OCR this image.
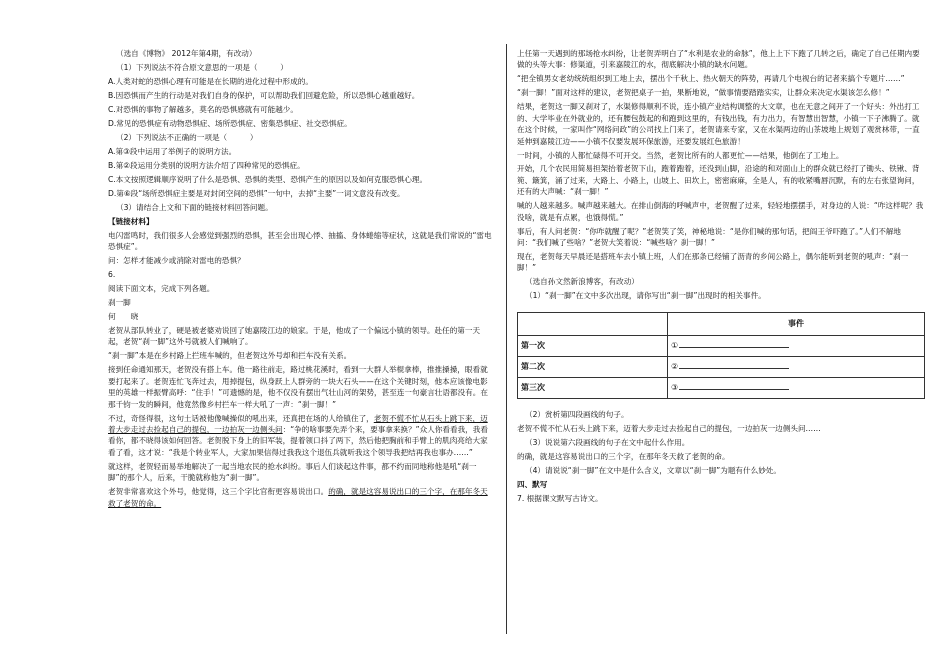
（选自《博物》 2012年第4期，有改动）

（1）下列说法不符合原文意思的一项是（　　　）

A.人类对蛇的恐惧心理有可能是在长期的进化过程中形成的。

B.因恐惧而产生的行动是对我们自身的保护，可以帮助我们回避危险，所以恐惧心越重越好。

C.对恐惧的事物了解越多，莫名的恐惧感就有可能越少。

D.常见的恐惧症有动物恐惧症、场所恐惧症、密集恐惧症、社交恐惧症。

（2）下列说法不正确的一项是（　　　）

A.第③段中运用了举例子的说明方法。

B.第②段运用分类别的说明方法介绍了四种常见的恐惧症。

C.本文按照逻辑顺序说明了什么是恐惧、恐惧的类型、恐惧产生的原因以及如何克服恐惧心理。

D.第⑥段“场所恐惧症主要是对封闭空间的恐惧”一句中，去掉“主要”一词文意没有改变。

（3）请结合上文和下面的链接材料回答问题。

【链接材料】

电闪雷鸣时，我们很多人会感觉到强烈的恐惧，甚至会出现心悸、抽搐、身体蜷缩等症状，这就是我们常说的“雷电恐惧症”。

问：怎样才能减少或消除对雷电的恐惧？

6.

阅读下面文本，完成下列各题。

刹一脚

何　　晓

老贺从部队转业了，硬是被老婆劝说回了她嘉陵江边的娘家。于是，他成了一个偏远小镇的领导。赴任的第一天起，老贺“刹一脚”这外号就被人们喊响了。

“刹一脚”本是在乡村路上拦班车喊的，但老贺这外号却和拦车没有关系。

接到任命通知那天，老贺没有搭上车。他一路往前走，路过桃花溪时，看到一大群人举棍拿棒，推推搡搡，眼看就要打起来了。老贺连忙飞奔过去，甩掉提包，纵身跃上人群旁的一块大石头——在这个关键时刻，他本应该像电影里的英雄一样振臂高呼：“住手！”可遗憾的是，他不仅没有摆出气壮山河的架势，甚至连一句豪言壮语都没有。在那千钧一发的瞬间，他竟然像乡村拦车一样大吼了一声：“刹一脚！”

不过，奇怪得很，这句土话被他像喊操似的吼出来，还真把在场的人给镇住了，老贺不慌不忙从石头上跳下来，迈着大步走过去捡起自己的提包，一边拍灰一边侧头问：“争的啥事要先弄个来，要事拿来换？”众人你看看我，我看看你，都不晓得该如何回答。老贺脱下身上的旧军装，提着领口抖了两下，然后他把胸前和手臂上的肌肉亮给大家看了看，这才说：“我是个转业军人，大家加果信得过我我这个退伍兵就听我这个领导我把结再我也事办……”

就这样，老贺轻而易举地解决了一起当地农民的抢水纠纷。事后人们谈起这件事，都不约而同地称他是吼“刹一脚”的那个人，后来，干脆就称他为“刹一脚”。

老贺非常喜欢这个外号，他觉得，这三个字比官衔更容易说出口。的确，就是这容易说出口的三个字，在那年冬天救了老贺的命。

上任第一天遇到的那场抢水纠纷，让老贺弄明白了“水利是农业的命脉”，他上上下下跑了几转之后，确定了自己任期内要做的头等大事：修渠道，引来嘉陵江的水，彻底解决小镇的缺水问题。

“把全镇男女老幼统统组织到工地上去，摆出个千秋上、热火朝天的阵势，再请几个电视台的记者来搞个专题片……”

“刹一脚！”面对这样的建议，老贺把桌子一拍，果断地说，“做事情要踏踏实实，让群众来决定水渠该怎么修！”

结果，老贺这一脚又刹对了，水渠修得顺利不说，连小镇产业结构调整的大文章，也在无意之间开了一个好头：外出打工的、大学毕业在外就业的，还有腰包鼓起的和跑到这里的，有钱出钱，有力出力，有智慧出智慧，小镇一下子沸腾了。就在这个时候，一家叫作“网络问政”的公司找上门来了，老贺请来专家，又在水渠两边的山茶坡地上规划了观赏林带，一直延伸到嘉陵江边——小镇不仅要发展环保旅游，还要发展红色旅游！

一时间，小镇的人都忙碌得不可开交。当然，老贺比所有的人都更忙——结果，他倒在了工地上。

开始，几个农民用简易担架抬着老贺下山，跑着跑着，还没到山脚，沿途的和对面山上的群众就已经打了锄头、铁锹、背篼、簸箕，涌了过来，大路上、小路上，山坡上、田坎上，密密麻麻，全是人，有的收紧嘴唇沉默，有的左右张望询问，还有的大声喊：“刹一脚！”

喊的人越来越多。喊声越来越大。在排山倒海的呼喊声中，老贺醒了过来，轻轻地摆摆手，对身边的人说：“咋这样呢？我没啥，就是有点累，也饿得慌。”

事后，有人问老贺：“你咋就醒了呢？”老贺笑了笑，神秘地说：“是你们喊的那句话，把阎王爷吓跑了。”人们不解地问：“我们喊了些啥？”老贺大笑着说：“喊些啥？刹一脚！”

现在，老贺每天早晨还是搭班车去小镇上班，人们在那条已经铺了沥青的乡间公路上，偶尔能听到老贺的吼声：“刹一脚！”

（选自孙文然新浪博客，有改动）

（1）“刹一脚”在文中多次出现，请你写出“刹一脚”出现时的相关事件。

	事件
第一次	①
第二次	②
第三次	③

（2）赏析第四段画线的句子。

老贺不慌不忙从石头上跳下来，迈着大步走过去捡起自己的提包，一边拍灰一边侧头问……

（3）说说第六段画线的句子在文中起什么作用。

的确，就是这容易说出口的三个字，在那年冬天救了老贺的命。

（4）请说说“刹一脚”在文中是什么含义，文章以“刹一脚”为题有什么妙处。

四、默写

7. 根据课文默写古诗文。
